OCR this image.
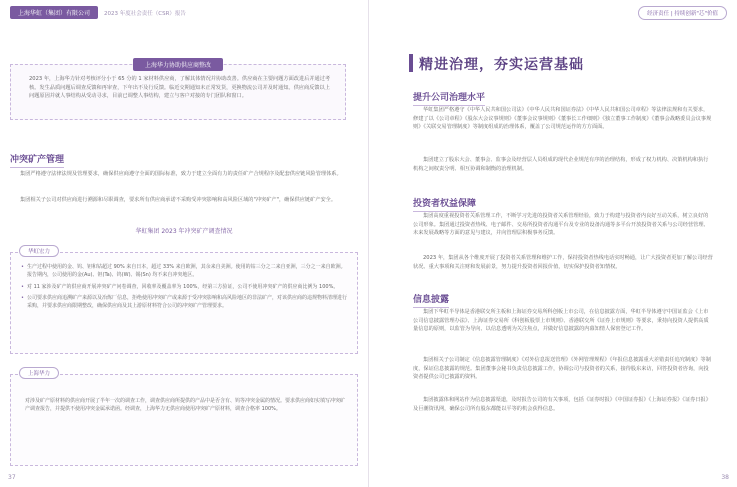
上海华虹（集团）有限公司	2023 年度社会责任（CSR）报告
上海华力协助供应商整改
2023 年，上海华力针对考核评分小于 65 分的 1 家材料供应商，了解其体情况并协助改善。供应商在主要问题方面改进后并通过考核。发生品质问题后调查反馈和再审查，下年出不及行反馈。临近交期通知未正常发货，更换物流公司并及时通知。供应商反馈以上问题原因并就人事结构从受动寻求，目前已调整人事结构，建立与客户对接的专门团队和窗口。
冲突矿产管理
集团严格遵守法律法规及管理要求，确保供应商遵守全面的国际标准，致力于建立全面有力的责任矿产合规程序及配套供应链风险管理体系。
集团相关子公司对供应商进行溯源和尽职调查，要求所有供应商承诺不采购受冲突影响和高风险区域的"冲突矿产"，确保供应链矿产安全。
华虹集团 2023 年冲突矿产调查情况
华虹宏力
• 生产过程中使用的金、钨、钽和钴超过 90% 来自日本，超过 33% 来自欧洲，其余来自美洲。使用的钴三分之二来自亚洲，三分之一来自欧洲。报告期内，公司使用的金(Au)、钽(Ta)、钨(W)、锡(Sn) 均不来自冲突地区。
• 对 11 家涉及矿产的供应商开展冲突矿产问卷调查，回收率及覆盖率为 100%，经第三方验证，公司不使用冲突矿产的供应商比例为 100%。
• 公司要求供应商追溯矿产来源以及冶炼厂信息，拒绝使用冲突矿产或来源于受冲突影响和高风险地区的非法矿产，对该供应商的违规物料清理进行采购，并要求供应商限期整改，确保供应商及其上游原材料符合公司的冲突矿产管理要求。
上海华力
对涉及矿产原材料的供应商开展了半年一次的调查工作，调查供应商所提供的产品中是否含有、钨等冲突金属的情况。要求供应商如实填写冲突矿产调查报告，并提供不使用冲突金属承诺函。经调查，上海华力无供应商使用冲突矿产原材料，调查合格率 100%。
37
经济责任 | 持续创新"芯"价值
精进治理，夯实运营基础
提升公司治理水平
华虹集团严格遵守《中华人民共和国公司法》《中华人民共和国证券法》《中华人民共和国公司章程》等法律法规和有关要求，修建了以《公司章程》《股东大会议事规则》《董事会议事规则》《董事长工作细则》《独立董事工作制度》《董事会战略委员会议事规则》《关联交易管理制度》等制度组成的治理体系，覆盖了公司规范运作的方方面面。
集团建立了股东大会、董事会、监事会及经营层人员组成的现代企业规范有序的治理结构，形成了权力机构、决策机构和执行机构之间权责分明、相互协调和制衡的治理机制。
投资者权益保障
集团高度重视投资者关系管理工作，不断学习先进的投资者关系管理经验，致力于构建与投资者内良好互动关系，树立良好的公司形象。集团通过投资者热线、电子邮件、交易所投资者沟通平台及专业的设备沟通等多平台开放投资者关系与公司经营管理、未来发展战略等方面的意见与建议，并向管理层积极事务反馈。
2023 年，集团从各个维度开展了投资者关系管理和维护工作，保持投资者热线电话实时畅通，让广大投资者更加了解公司经营状况、重大事项和关注财和发展前景，努力提升投资者回报价值，切实保护投资者知情权。
信息披露
集团下华虹半导体是香港联交所主板和上海证券交易所科创板上市公司，在信息披露方面，华虹半导体遵守中国证监会《上市公司信息披露管理办法》、上海证券交易所《科创板股票上市规则》、香港联交所《证券上市规则》等要求，秉持向投资人提供高质量信息的原则，以监管为导向、以信息透明为关注焦点，并做好信息披露的内幕知情人保密登记工作。
集团相关子公司制定《信息披露管理制度》《对外信息报送管理》《外网管理规程》《年报信息披露重大差错责任追究制度》等制度，保证信息披露的规范。集团董事会秘书负责信息披露工作，协调公司与投资者的关系，接待股东来访，回答投资者咨询，向投资者提供公司已披露的资料。
集团披露体和网站作为信息披露渠道，及时报告公司的有关事项，包括《证券时报》《中国证券报》《上海证券报》《证券日报》及巨潮资讯网，确保公司所有股东都能以平等的机会获得信息。
38
